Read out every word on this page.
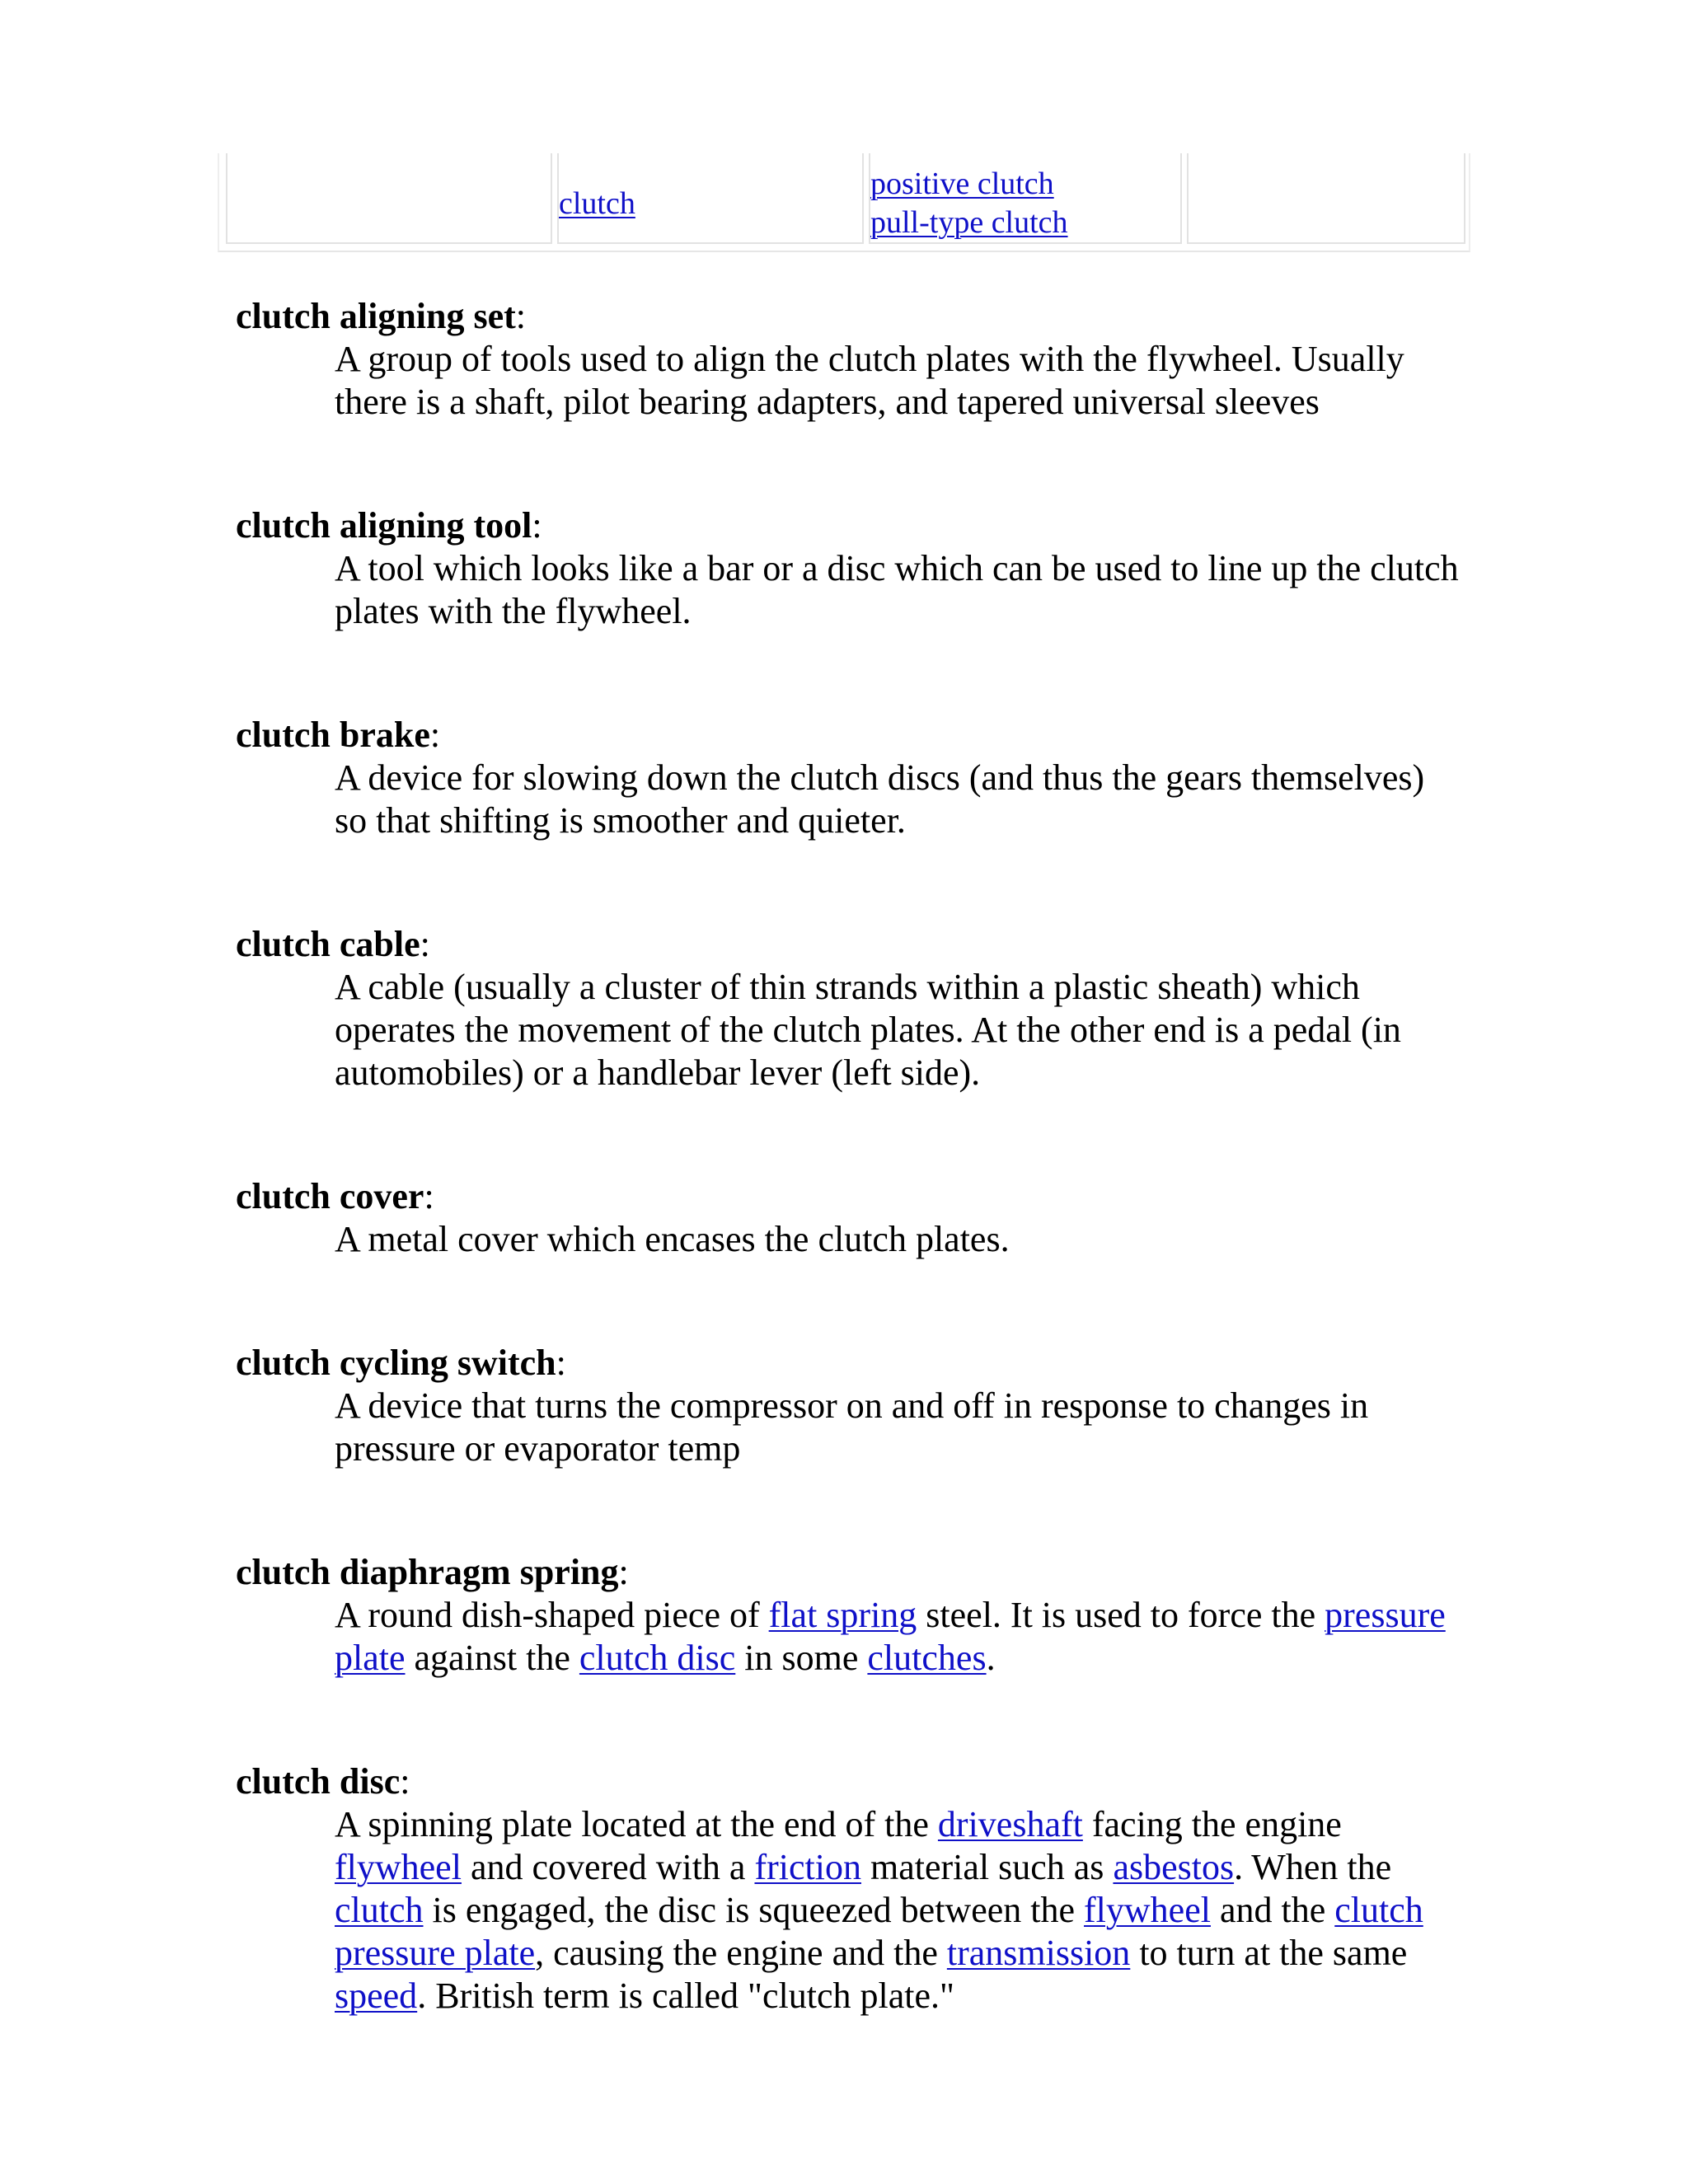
clutch
positive clutch
pull-type clutch
clutch aligning set:
A group of tools used to align the clutch plates with the flywheel. Usually there is a shaft, pilot bearing adapters, and tapered universal sleeves
clutch aligning tool:
A tool which looks like a bar or a disc which can be used to line up the clutch plates with the flywheel.
clutch brake:
A device for slowing down the clutch discs (and thus the gears themselves) so that shifting is smoother and quieter.
clutch cable:
A cable (usually a cluster of thin strands within a plastic sheath) which operates the movement of the clutch plates. At the other end is a pedal (in automobiles) or a handlebar lever (left side).
clutch cover:
A metal cover which encases the clutch plates.
clutch cycling switch:
A device that turns the compressor on and off in response to changes in pressure or evaporator temp
clutch diaphragm spring:
A round dish-shaped piece of flat spring steel. It is used to force the pressure plate against the clutch disc in some clutches.
clutch disc:
A spinning plate located at the end of the driveshaft facing the engine flywheel and covered with a friction material such as asbestos. When the clutch is engaged, the disc is squeezed between the flywheel and the clutch pressure plate, causing the engine and the transmission to turn at the same speed. British term is called "clutch plate."
